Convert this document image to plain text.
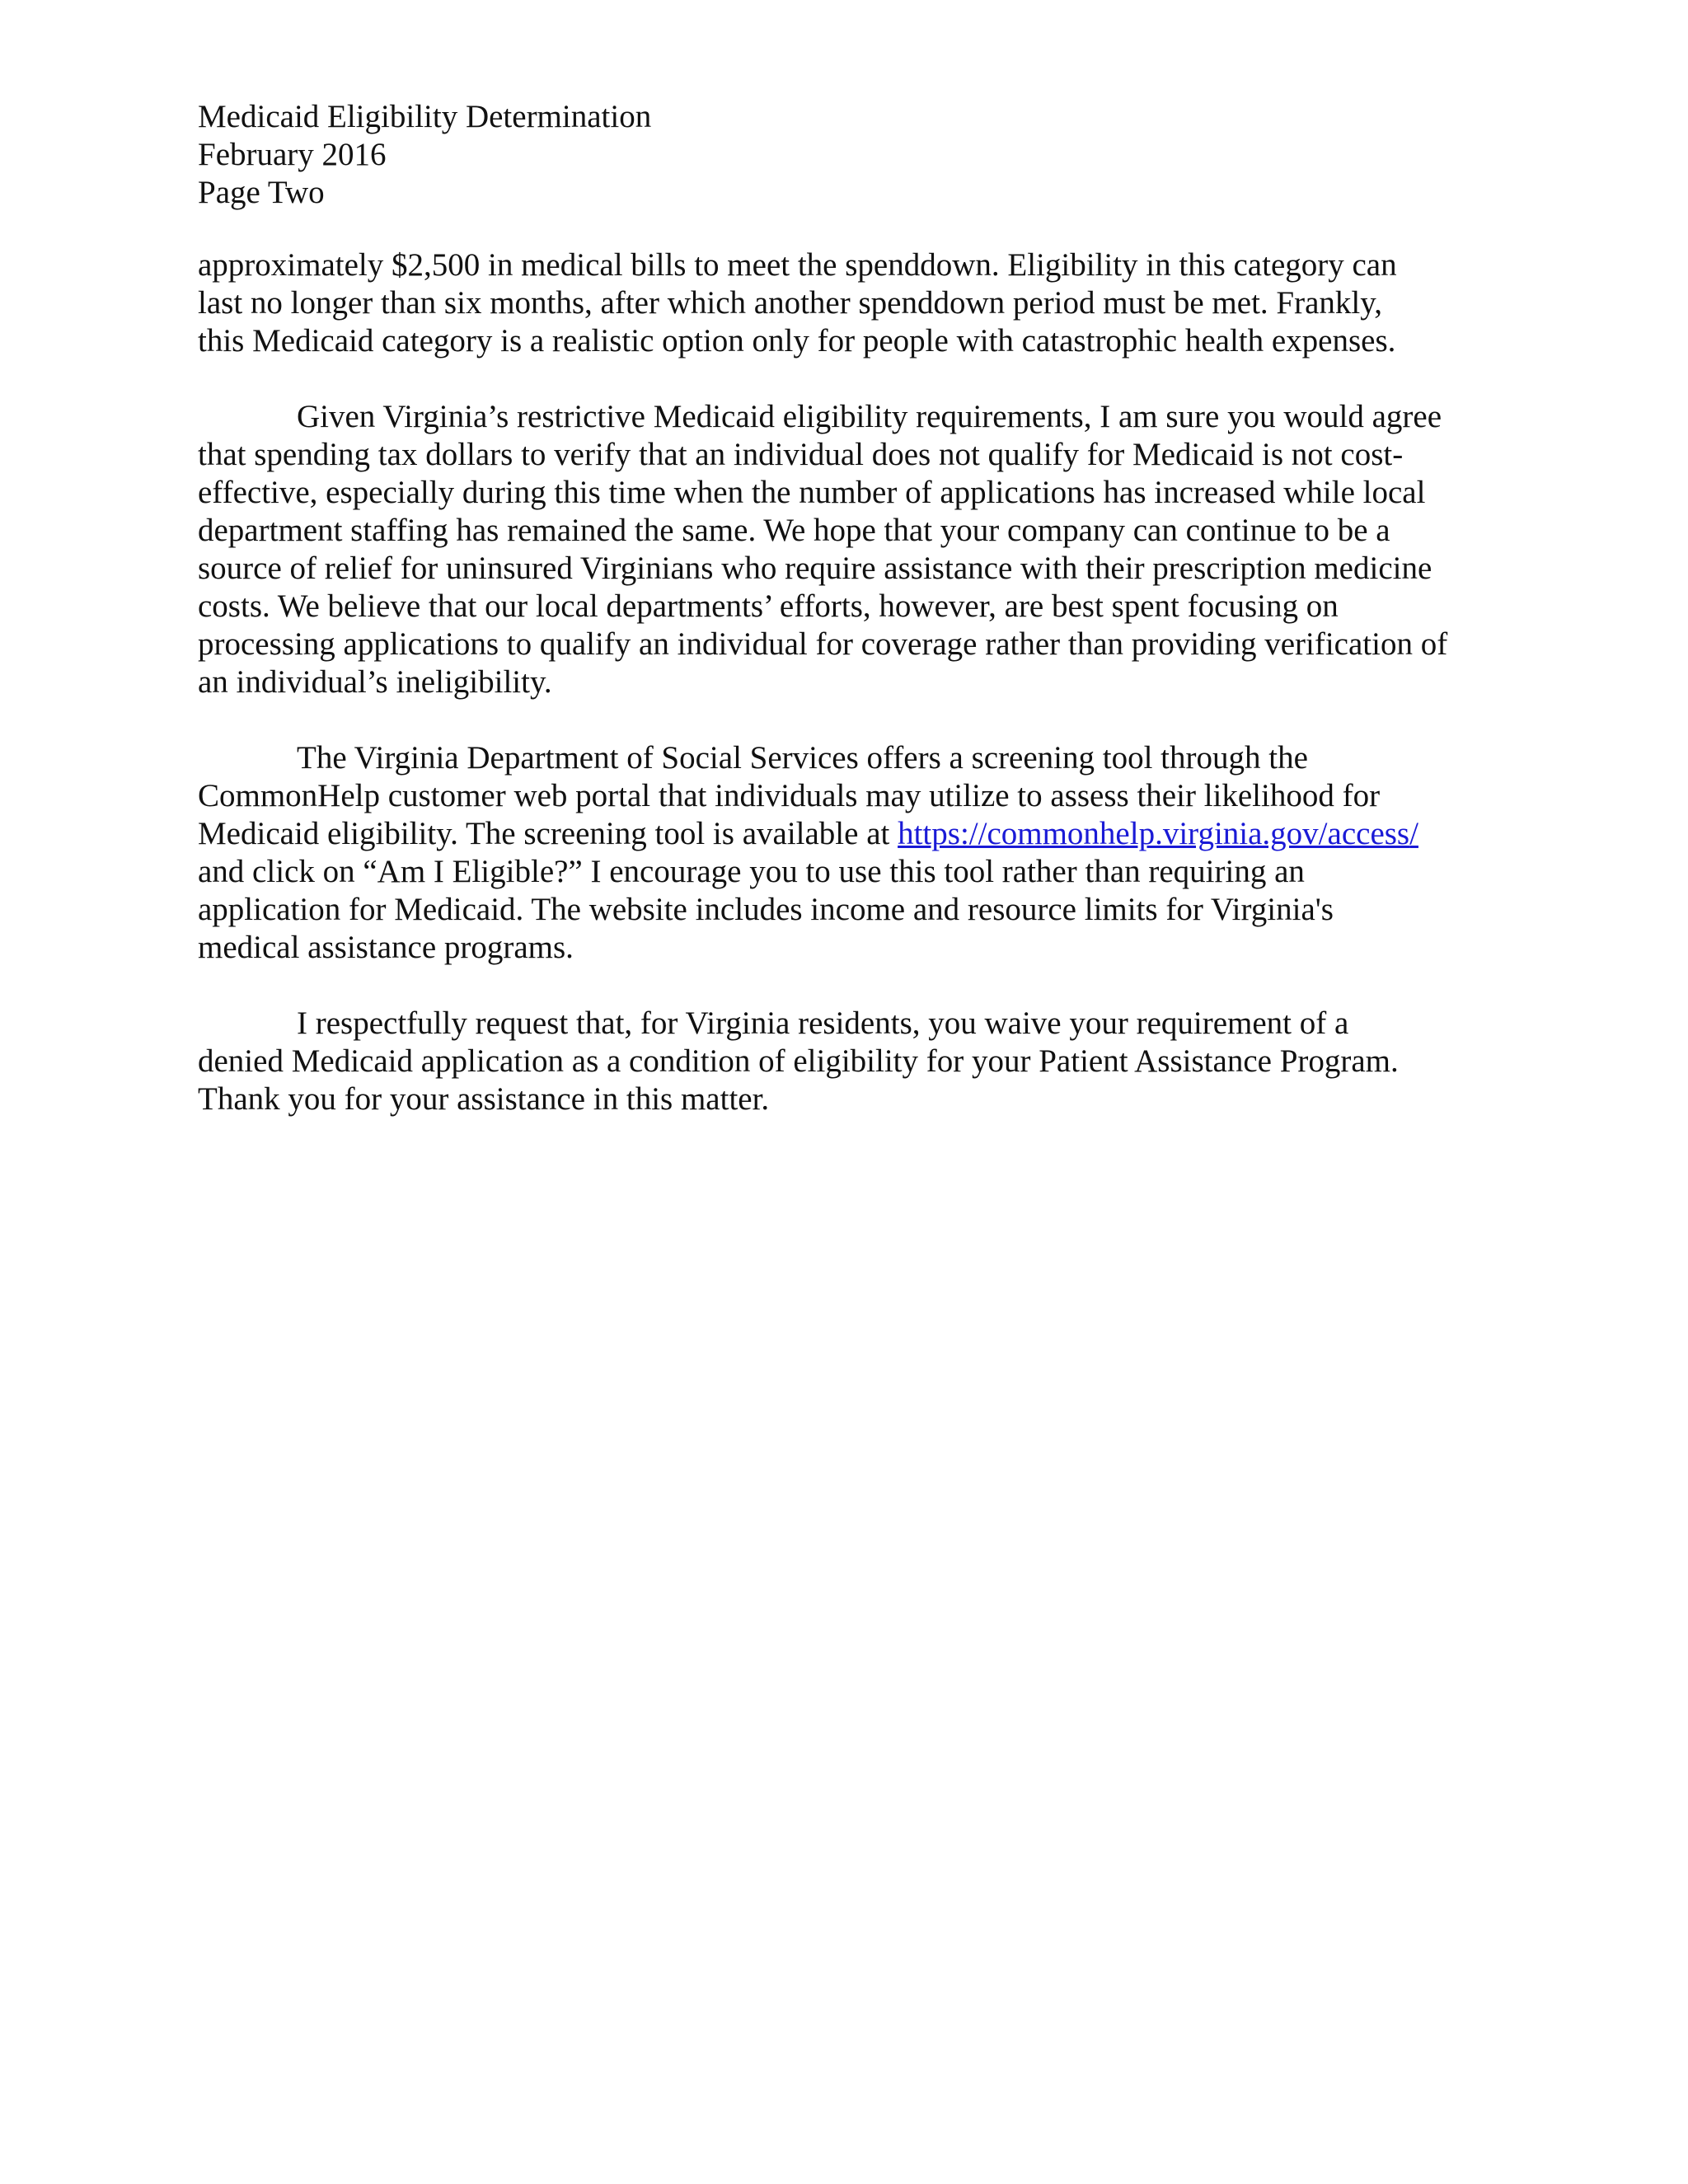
Medicaid Eligibility Determination
February 2016
Page Two
approximately $2,500 in medical bills to meet the spenddown. Eligibility in this category can
last no longer than six months, after which another spenddown period must be met. Frankly,
this Medicaid category is a realistic option only for people with catastrophic health expenses.
Given Virginia’s restrictive Medicaid eligibility requirements, I am sure you would agree
that spending tax dollars to verify that an individual does not qualify for Medicaid is not cost-
effective, especially during this time when the number of applications has increased while local
department staffing has remained the same. We hope that your company can continue to be a
source of relief for uninsured Virginians who require assistance with their prescription medicine
costs. We believe that our local departments’ efforts, however, are best spent focusing on
processing applications to qualify an individual for coverage rather than providing verification of
an individual’s ineligibility.
The Virginia Department of Social Services offers a screening tool through the
CommonHelp customer web portal that individuals may utilize to assess their likelihood for
Medicaid eligibility. The screening tool is available at https://commonhelp.virginia.gov/access/
and click on “Am I Eligible?” I encourage you to use this tool rather than requiring an
application for Medicaid. The website includes income and resource limits for Virginia's
medical assistance programs.
I respectfully request that, for Virginia residents, you waive your requirement of a
denied Medicaid application as a condition of eligibility for your Patient Assistance Program.
Thank you for your assistance in this matter.
